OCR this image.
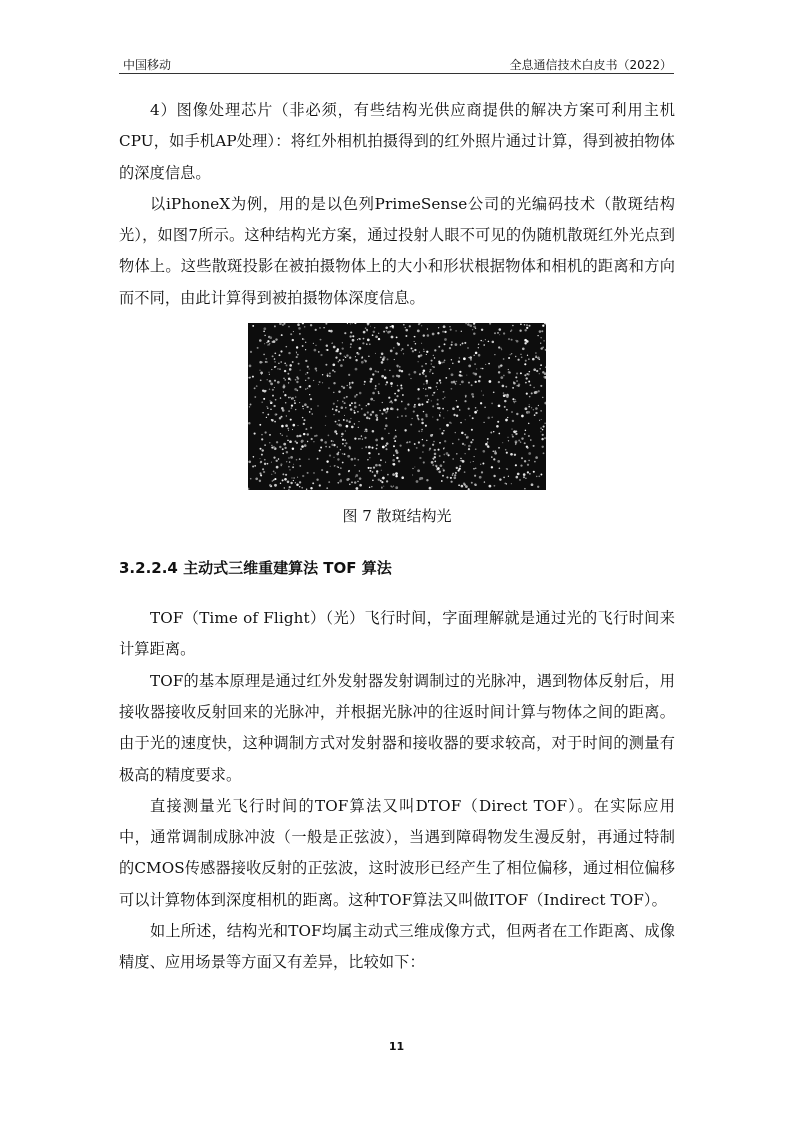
中国移动	全息通信技术白皮书（2022）

4）图像处理芯片（非必须，有些结构光供应商提供的解决方案可利用主机CPU，如手机AP处理）：将红外相机拍摄得到的红外照片通过计算，得到被拍物体的深度信息。

以iPhoneX为例，用的是以色列PrimeSense公司的光编码技术（散斑结构光），如图7所示。这种结构光方案，通过投射人眼不可见的伪随机散斑红外光点到物体上。这些散斑投影在被拍摄物体上的大小和形状根据物体和相机的距离和方向而不同，由此计算得到被拍摄物体深度信息。

图 7 散斑结构光
3.2.2.4 主动式三维重建算法 TOF 算法

TOF（Time of Flight）（光）飞行时间，字面理解就是通过光的飞行时间来计算距离。

TOF的基本原理是通过红外发射器发射调制过的光脉冲，遇到物体反射后，用接收器接收反射回来的光脉冲，并根据光脉冲的往返时间计算与物体之间的距离。由于光的速度快，这种调制方式对发射器和接收器的要求较高，对于时间的测量有极高的精度要求。

直接测量光飞行时间的TOF算法又叫DTOF（Direct TOF）。在实际应用中，通常调制成脉冲波（一般是正弦波），当遇到障碍物发生漫反射，再通过特制的CMOS传感器接收反射的正弦波，这时波形已经产生了相位偏移，通过相位偏移可以计算物体到深度相机的距离。这种TOF算法又叫做ITOF（Indirect TOF）。

如上所述，结构光和TOF均属主动式三维成像方式，但两者在工作距离、成像精度、应用场景等方面又有差异，比较如下：

11
